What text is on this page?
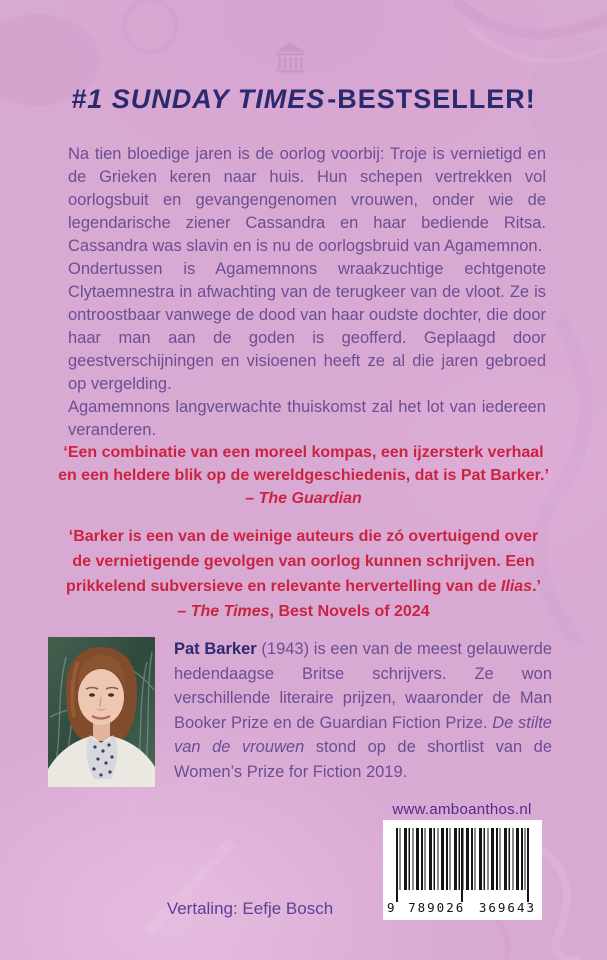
#1 SUNDAY TIMES-BESTSELLER!

Na tien bloedige jaren is de oorlog voorbij: Troje is vernietigd en de Grieken keren naar huis. Hun schepen vertrekken vol oorlogsbuit en gevangengenomen vrouwen, onder wie de legendarische ziener Cassandra en haar bediende Ritsa. Cassandra was slavin en is nu de oorlogsbruid van Agamemnon.

Ondertussen is Agamemnons wraakzuchtige echtgenote Clytaemnestra in afwachting van de terugkeer van de vloot. Ze is ontroostbaar vanwege de dood van haar oudste dochter, die door haar man aan de goden is geofferd. Geplaagd door geestverschijningen en visioenen heeft ze al die jaren gebroed op vergelding.

Agamemnons langverwachte thuiskomst zal het lot van iedereen veranderen.

‘Een combinatie van een moreel kompas, een ijzersterk verhaal
en een heldere blik op de wereldgeschiedenis, dat is Pat Barker.’
– The Guardian
‘Barker is een van de weinige auteurs die zó overtuigend over
de vernietigende gevolgen van oorlog kunnen schrijven. Een
prikkelend subversieve en relevante hervertelling van de Ilias.’
– The Times, Best Novels of 2024

Pat Barker (1943) is een van de meest gelauwerde hedendaagse Britse schrijvers. Ze won verschillende literaire prijzen, waaronder de Man Booker Prize en de Guardian Fiction Prize. De stilte van de vrouwen stond op de shortlist van de Women’s Prize for Fiction 2019.

www.amboanthos.nl
9 789026 369643
Vertaling: Eefje Bosch
